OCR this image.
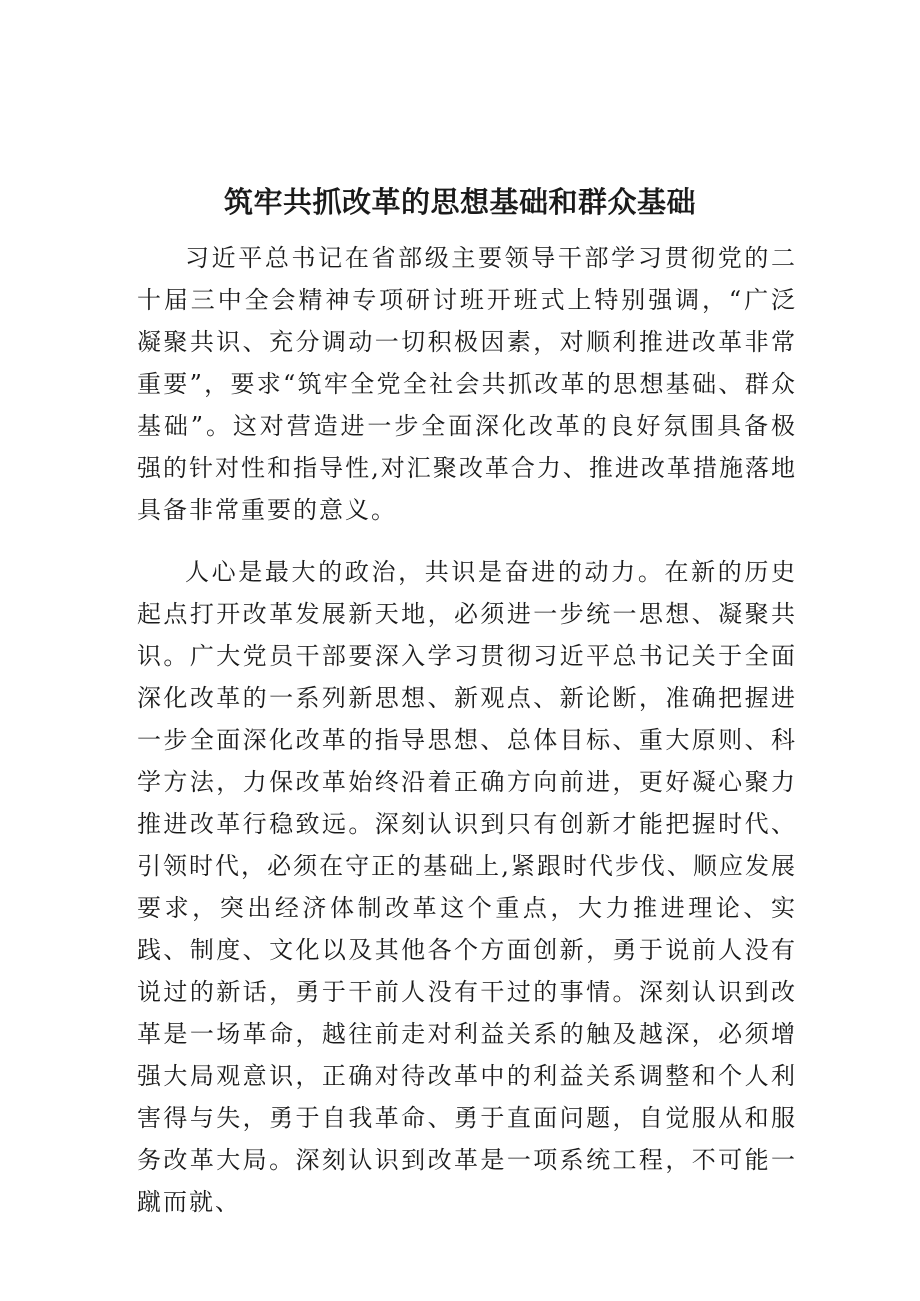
筑牢共抓改革的思想基础和群众基础

习近平总书记在省部级主要领导干部学习贯彻党的二十届三中全会精神专项研讨班开班式上特别强调，“广泛凝聚共识、充分调动一切积极因素，对顺利推进改革非常重要”，要求“筑牢全党全社会共抓改革的思想基础、群众基础”。这对营造进一步全面深化改革的良好氛围具备极强的针对性和指导性,对汇聚改革合力、推进改革措施落地具备非常重要的意义。

人心是最大的政治，共识是奋进的动力。在新的历史起点打开改革发展新天地，必须进一步统一思想、凝聚共识。广大党员干部要深入学习贯彻习近平总书记关于全面深化改革的一系列新思想、新观点、新论断，准确把握进一步全面深化改革的指导思想、总体目标、重大原则、科学方法，力保改革始终沿着正确方向前进，更好凝心聚力推进改革行稳致远。深刻认识到只有创新才能把握时代、引领时代，必须在守正的基础上,紧跟时代步伐、顺应发展要求，突出经济体制改革这个重点，大力推进理论、实践、制度、文化以及其他各个方面创新，勇于说前人没有说过的新话，勇于干前人没有干过的事情。深刻认识到改革是一场革命，越往前走对利益关系的触及越深，必须增强大局观意识，正确对待改革中的利益关系调整和个人利害得与失，勇于自我革命、勇于直面问题，自觉服从和服务改革大局。深刻认识到改革是一项系统工程，不可能一蹴而就、
